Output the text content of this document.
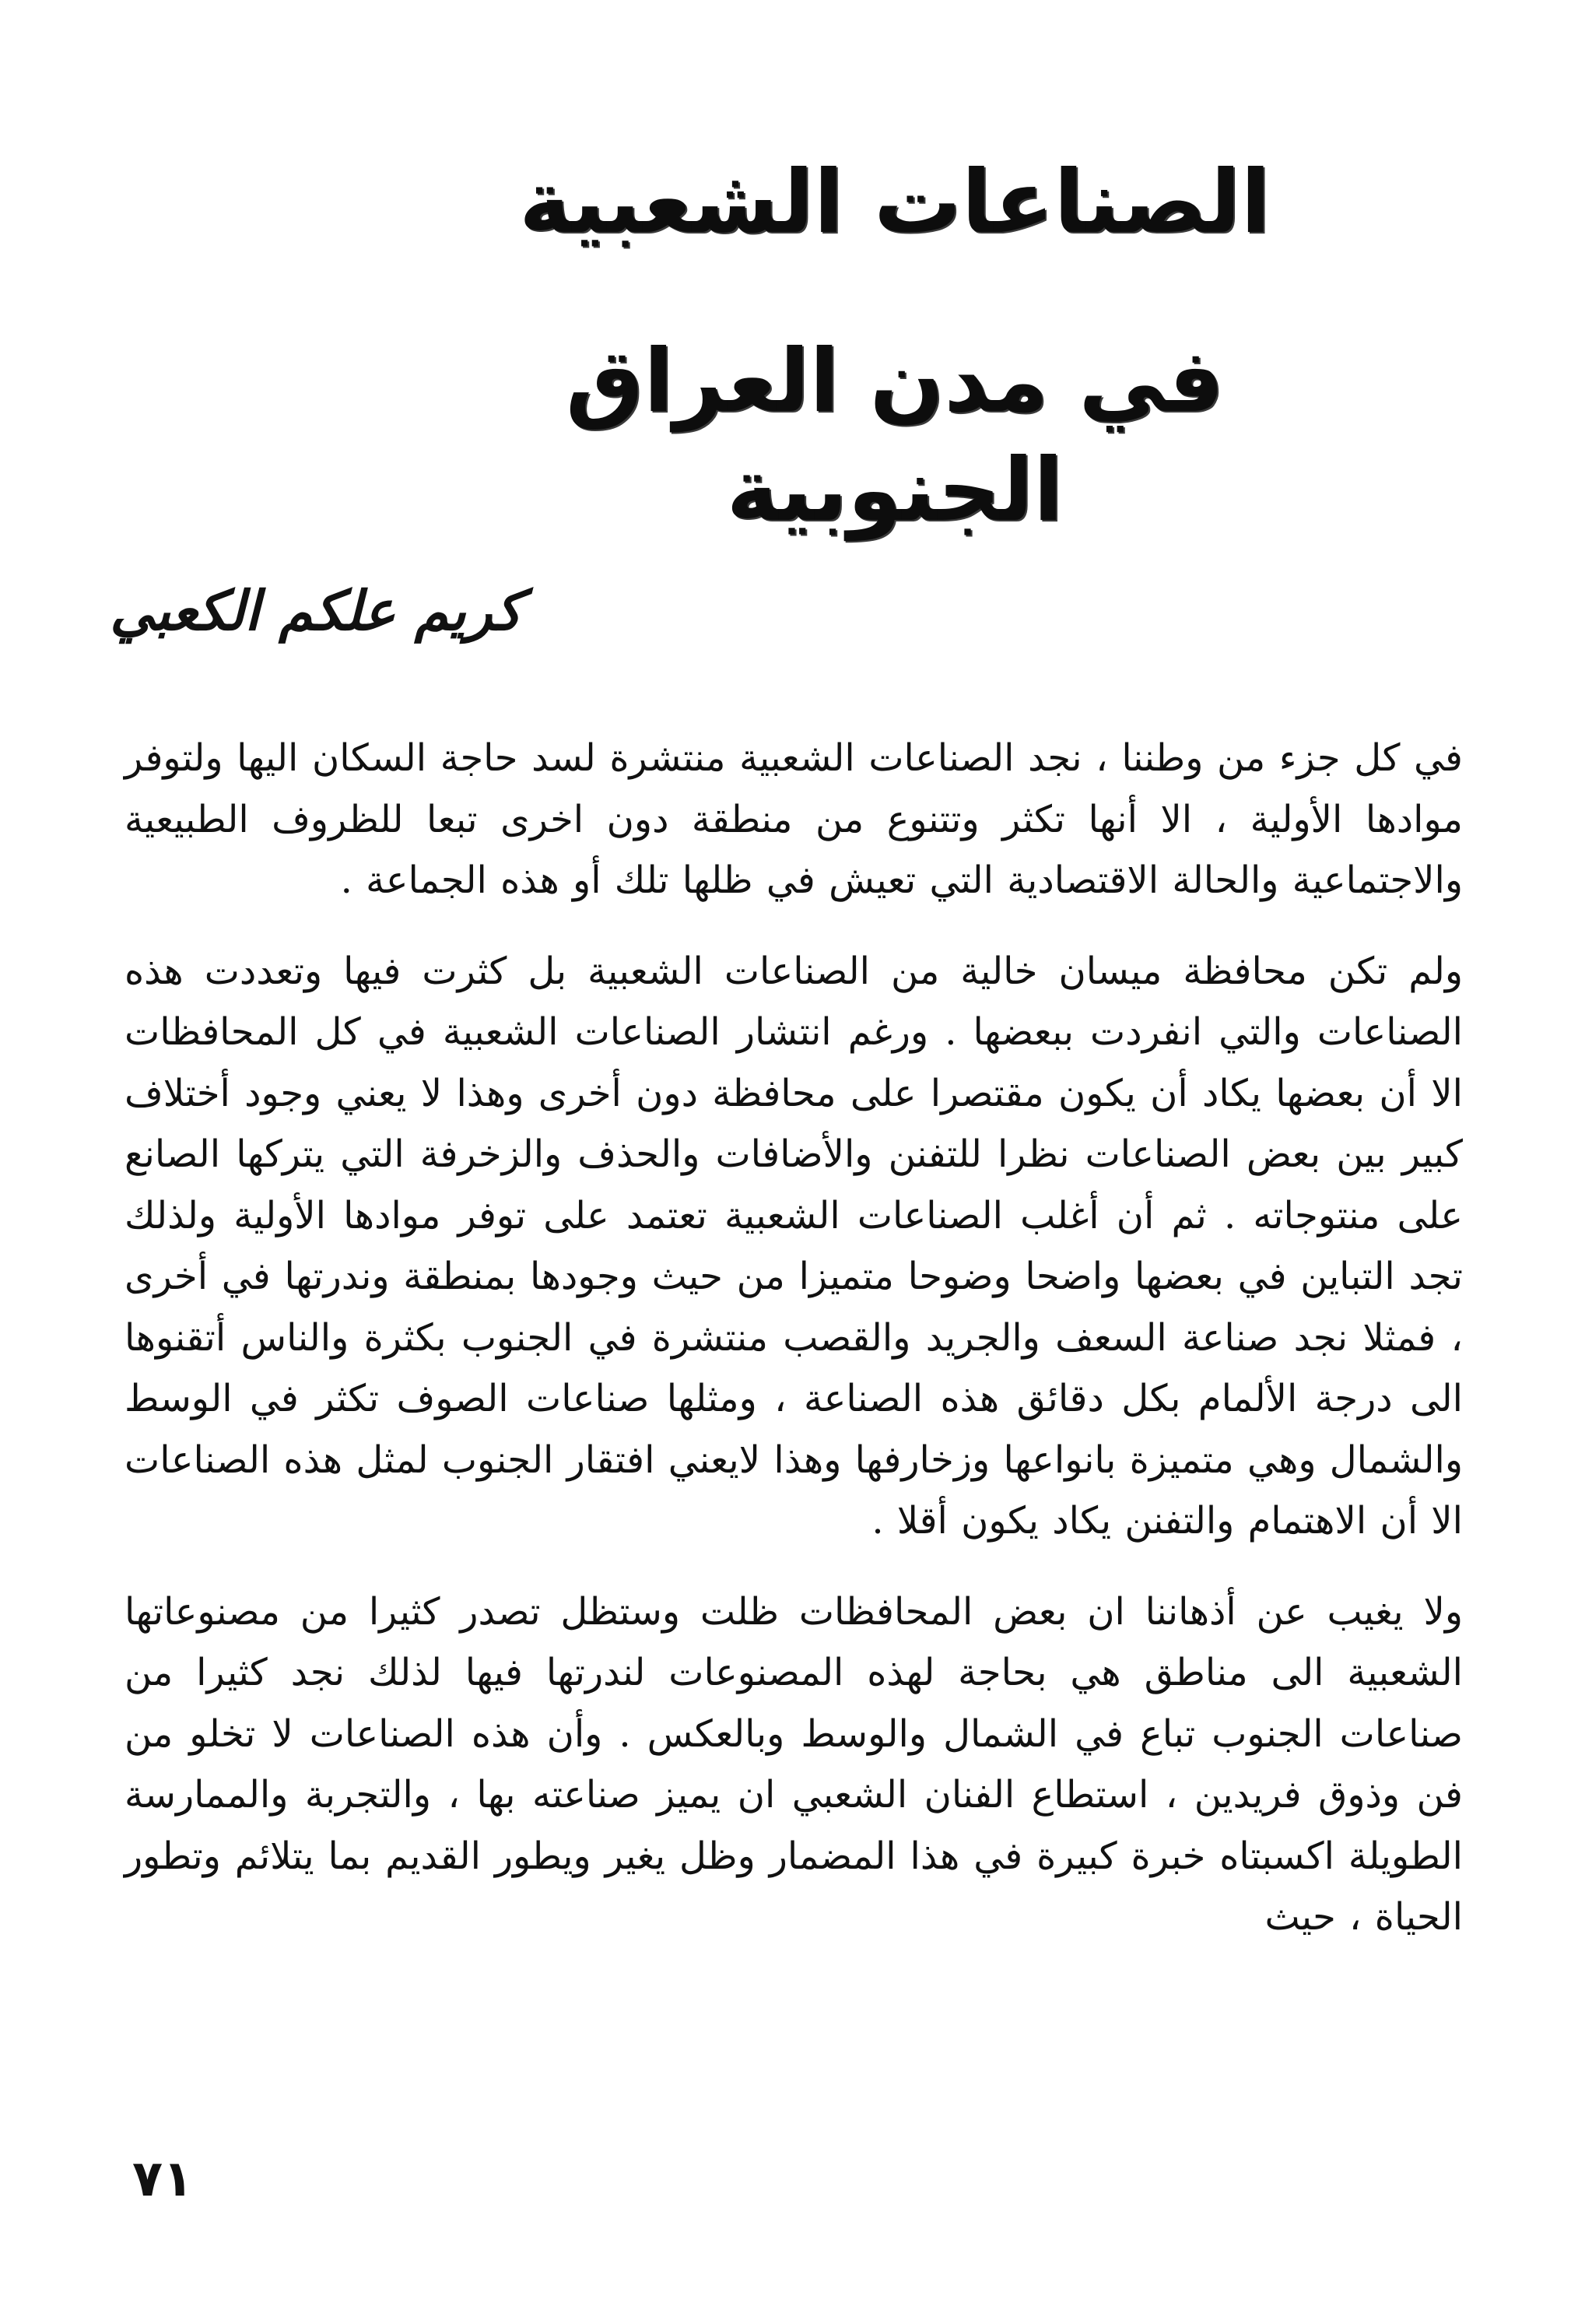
الصناعات الشعبية
في مدن العراق الجنوبية

كريم علكم الكعبي

في كل جزء من وطننا ، نجد الصناعات الشعبية منتشرة لسد حاجة السكان اليها ولتوفر موادها الأولية ، الا أنها تكثر وتتنوع من منطقة دون اخرى تبعا للظروف الطبيعية والاجتماعية والحالة الاقتصادية التي تعيش في ظلها تلك أو هذه الجماعة .

ولم تكن محافظة ميسان خالية من الصناعات الشعبية بل كثرت فيها وتعددت هذه الصناعات والتي انفردت ببعضها . ورغم انتشار الصناعات الشعبية في كل المحافظات الا أن بعضها يكاد أن يكون مقتصرا على محافظة دون أخرى وهذا لا يعني وجود أختلاف كبير بين بعض الصناعات نظرا للتفنن والأضافات والحذف والزخرفة التي يتركها الصانع على منتوجاته . ثم أن أغلب الصناعات الشعبية تعتمد على توفر موادها الأولية ولذلك تجد التباين في بعضها واضحا وضوحا متميزا من حيث وجودها بمنطقة وندرتها في أخرى ، فمثلا نجد صناعة السعف والجريد والقصب منتشرة في الجنوب بكثرة والناس أتقنوها الى درجة الألمام بكل دقائق هذه الصناعة ، ومثلها صناعات الصوف تكثر في الوسط والشمال وهي متميزة بانواعها وزخارفها وهذا لايعني افتقار الجنوب لمثل هذه الصناعات الا أن الاهتمام والتفنن يكاد يكون أقلا .

ولا يغيب عن أذهاننا ان بعض المحافظات ظلت وستظل تصدر كثيرا من مصنوعاتها الشعبية الى مناطق هي بحاجة لهذه المصنوعات لندرتها فيها لذلك نجد كثيرا من صناعات الجنوب تباع في الشمال والوسط وبالعكس . وأن هذه الصناعات لا تخلو من فن وذوق فريدين ، استطاع الفنان الشعبي ان يميز صناعته بها ، والتجربة والممارسة الطويلة اكسبتاه خبرة كبيرة في هذا المضمار وظل يغير ويطور القديم بما يتلائم وتطور الحياة ، حيث

٧١
